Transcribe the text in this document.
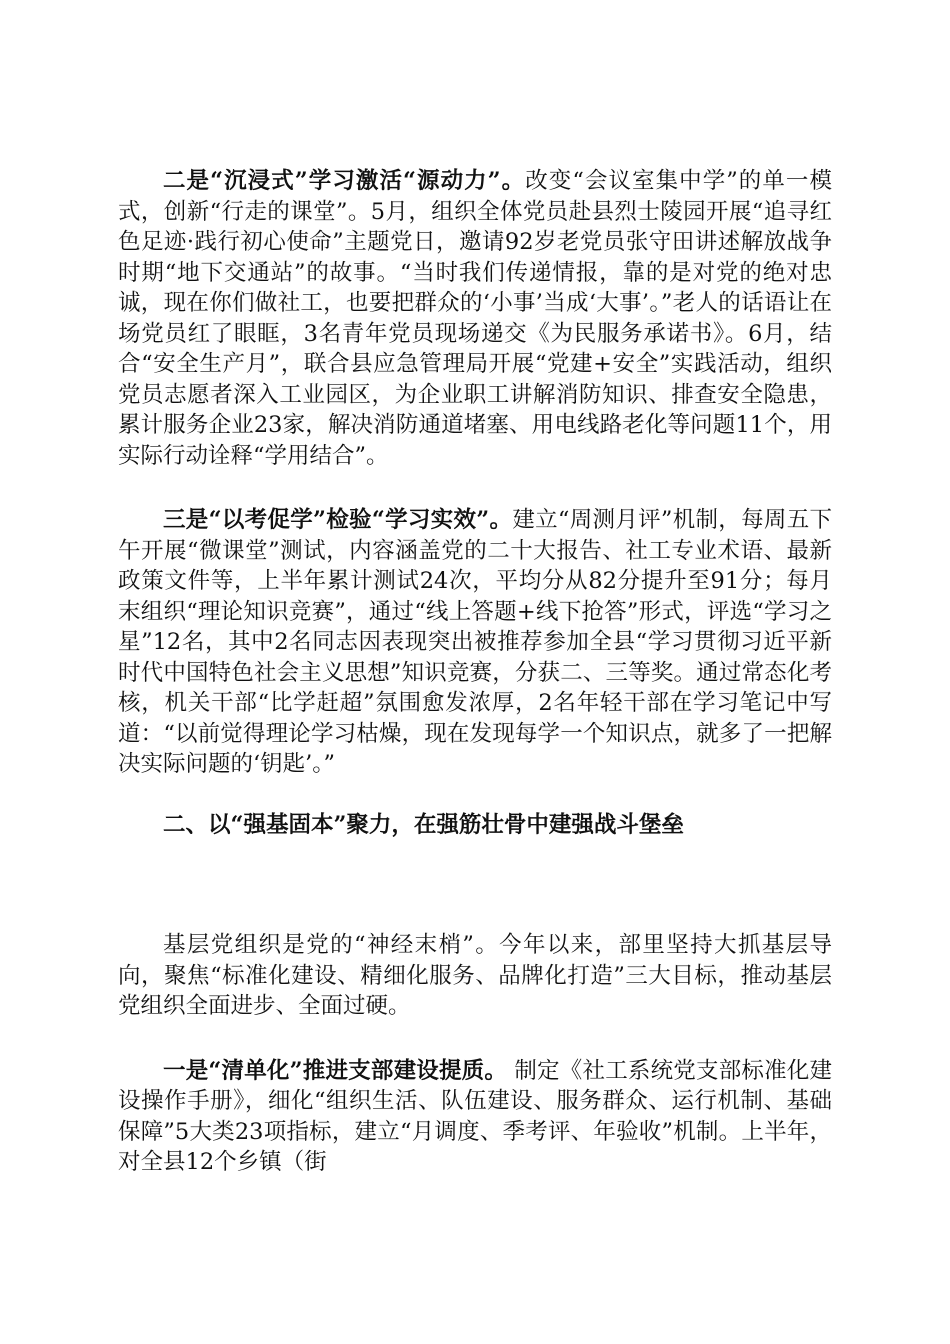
二是“沉浸式”学习激活“源动力”。改变“会议室集中学”的单一模式，创新“行走的课堂”。5月，组织全体党员赴县烈士陵园开展“追寻红色足迹·践行初心使命”主题党日，邀请92岁老党员张守田讲述解放战争时期“地下交通站”的故事。“当时我们传递情报，靠的是对党的绝对忠诚，现在你们做社工，也要把群众的‘小事’当成‘大事’。”老人的话语让在场党员红了眼眶，3名青年党员现场递交《为民服务承诺书》。6月，结合“安全生产月”，联合县应急管理局开展“党建+安全”实践活动，组织党员志愿者深入工业园区，为企业职工讲解消防知识、排查安全隐患，累计服务企业23家，解决消防通道堵塞、用电线路老化等问题11个，用实际行动诠释“学用结合”。

三是“以考促学”检验“学习实效”。建立“周测月评”机制，每周五下午开展“微课堂”测试，内容涵盖党的二十大报告、社工专业术语、最新政策文件等，上半年累计测试24次，平均分从82分提升至91分；每月末组织“理论知识竞赛”，通过“线上答题+线下抢答”形式，评选“学习之星”12名，其中2名同志因表现突出被推荐参加全县“学习贯彻习近平新时代中国特色社会主义思想”知识竞赛，分获二、三等奖。通过常态化考核，机关干部“比学赶超”氛围愈发浓厚，2名年轻干部在学习笔记中写道：“以前觉得理论学习枯燥，现在发现每学一个知识点，就多了一把解决实际问题的‘钥匙’。”

二、以“强基固本”聚力，在强筋壮骨中建强战斗堡垒

基层党组织是党的“神经末梢”。今年以来，部里坚持大抓基层导向，聚焦“标准化建设、精细化服务、品牌化打造”三大目标，推动基层党组织全面进步、全面过硬。

一是“清单化”推进支部建设提质。 制定《社工系统党支部标准化建设操作手册》，细化“组织生活、队伍建设、服务群众、运行机制、基础保障”5大类23项指标，建立“月调度、季考评、年验收”机制。上半年，对全县12个乡镇（街
